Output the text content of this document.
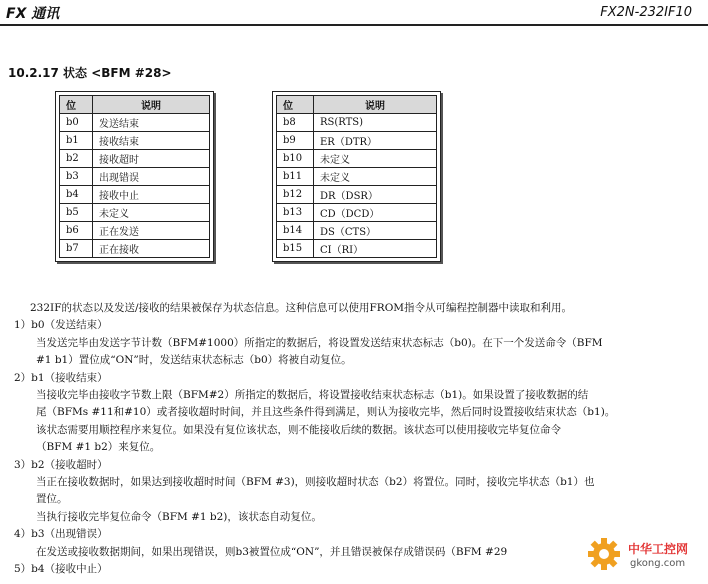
FX 通讯	FX2N-232IF10
10.2.17 状态 <BFM #28>
位	说明
b0	发送结束
b1	接收结束
b2	接收超时
b3	出现错误
b4	接收中止
b5	未定义
b6	正在发送
b7	正在接收
位	说明
b8	RS(RTS)
b9	ER（DTR）
b10	未定义
b11	未定义
b12	DR（DSR）
b13	CD（DCD）
b14	DS（CTS）
b15	CI（RI）

232IF的状态以及发送/接收的结果被保存为状态信息。这种信息可以使用FROM指令从可编程控制器中读取和利用。

1）b0（发送结束）

当发送完毕由发送字节计数（BFM#1000）所指定的数据后，将设置发送结束状态标志（b0)。在下一个发送命令（BFM

#1 b1）置位成“ON”时，发送结束状态标志（b0）将被自动复位。

2）b1（接收结束）

当接收完毕由接收字节数上限（BFM#2）所指定的数据后，将设置接收结束状态标志（b1)。如果设置了接收数据的结

尾（BFMs #11和#10）或者接收超时时间，并且这些条件得到满足，则认为接收完毕，然后同时设置接收结束状态（b1)。

该状态需要用顺控程序来复位。如果没有复位该状态，则不能接收后续的数据。该状态可以使用接收完毕复位命令

（BFM #1 b2）来复位。

3）b2（接收超时）

当正在接收数据时，如果达到接收超时时间（BFM #3)，则接收超时状态（b2）将置位。同时，接收完毕状态（b1）也

置位。

当执行接收完毕复位命令（BFM #1 b2)，该状态自动复位。

4）b3（出现错误）

在发送或接收数据期间，如果出现错误，则b3被置位成“ON”，并且错误被保存成错误码（BFM #29

5）b4（接收中止）

中华工控网
gkong.com
